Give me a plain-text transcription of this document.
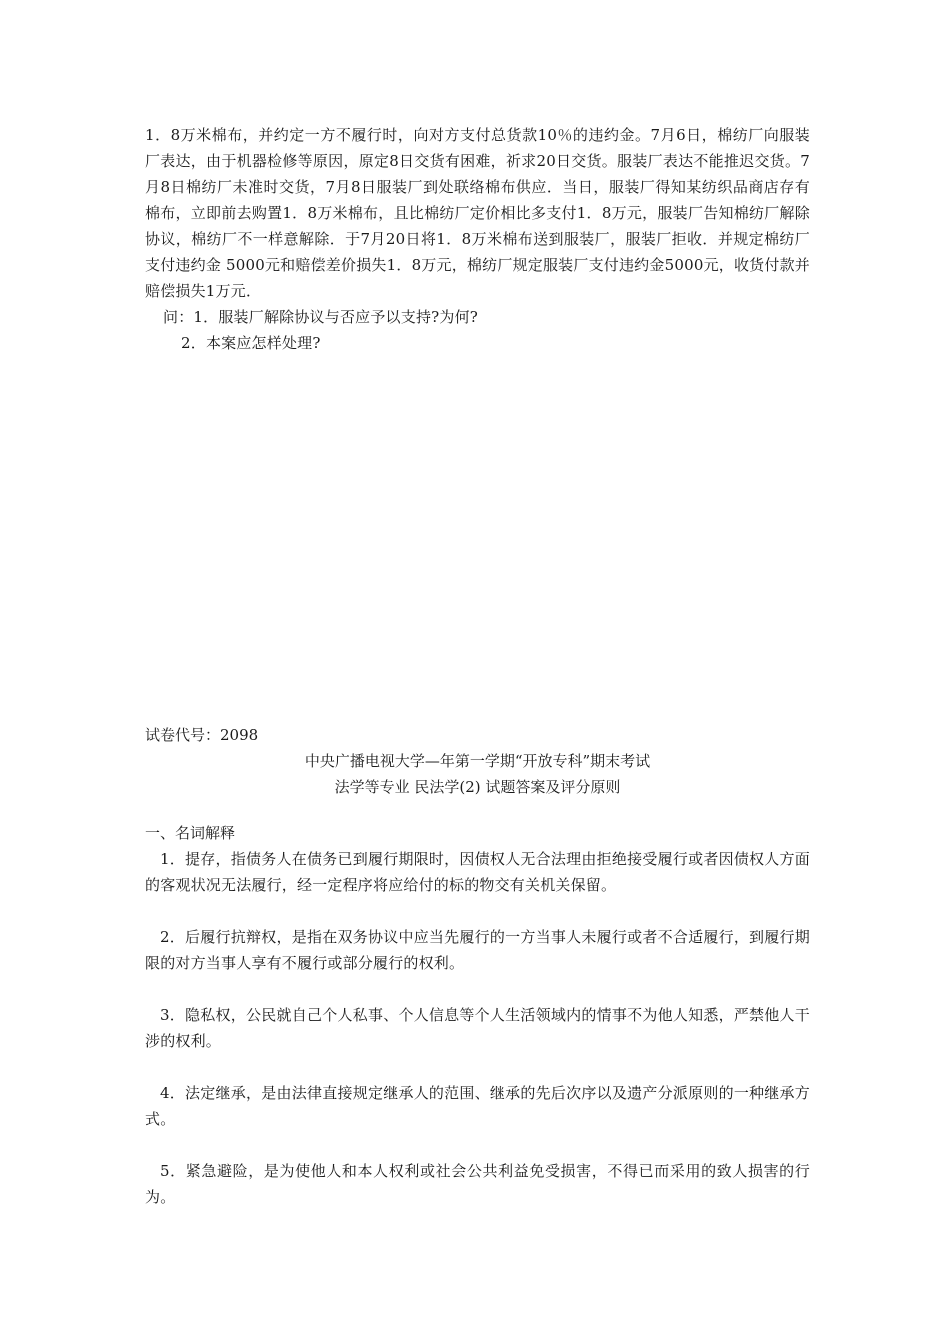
1．8万米棉布，并约定一方不履行时，向对方支付总货款10％的违约金。7月6日，棉纺厂向服装厂表达，由于机器检修等原因，原定8日交货有困难，祈求20日交货。服装厂表达不能推迟交货。7月8日棉纺厂未准时交货，7月8日服装厂到处联络棉布供应．当日，服装厂得知某纺织品商店存有棉布，立即前去购置1．8万米棉布，且比棉纺厂定价相比多支付1．8万元，服装厂告知棉纺厂解除协议，棉纺厂不一样意解除．于7月20日将1．8万米棉布送到服装厂，服装厂拒收．并规定棉纺厂支付违约金 5000元和赔偿差价损失1．8万元，棉纺厂规定服装厂支付违约金5000元，收货付款并赔偿损失1万元．

问：1．服装厂解除协议与否应予以支持?为何?

2．本案应怎样处理?

试卷代号：2098

中央广播电视大学—年第一学期“开放专科”期末考试

法学等专业 民法学(2) 试题答案及评分原则

一、名词解释

1．提存，指债务人在债务已到履行期限时，因债权人无合法理由拒绝接受履行或者因债权人方面的客观状况无法履行，经一定程序将应给付的标的物交有关机关保留。

2．后履行抗辩权，是指在双务协议中应当先履行的一方当事人未履行或者不合适履行，到履行期限的对方当事人享有不履行或部分履行的权利。

3．隐私权，公民就自己个人私事、个人信息等个人生活领域内的情事不为他人知悉，严禁他人干涉的权利。

4．法定继承，是由法律直接规定继承人的范围、继承的先后次序以及遗产分派原则的一种继承方式。

5．紧急避险，是为使他人和本人权利或社会公共利益免受损害，不得已而采用的致人损害的行为。
